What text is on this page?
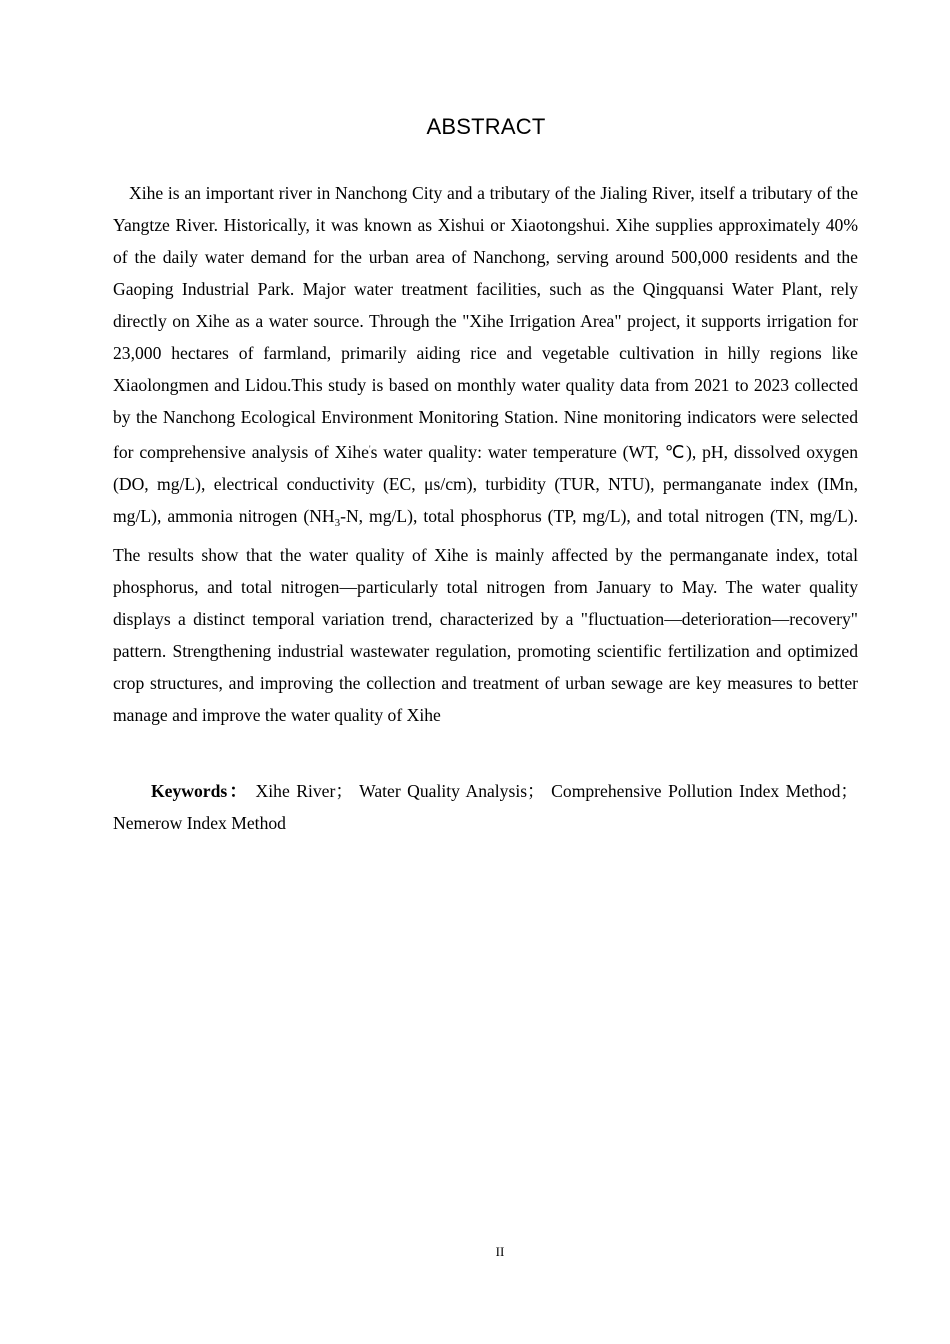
ABSTRACT

Xihe is an important river in Nanchong City and a tributary of the Jialing River, itself a tributary of the Yangtze River. Historically, it was known as Xishui or Xiaotongshui. Xihe supplies approximately 40% of the daily water demand for the urban area of Nanchong, serving around 500,000 residents and the Gaoping Industrial Park. Major water treatment facilities, such as the Qingquansi Water Plant, rely directly on Xihe as a water source. Through the "Xihe Irrigation Area" project, it supports irrigation for 23,000 hectares of farmland, primarily aiding rice and vegetable cultivation in hilly regions like Xiaolongmen and Lidou.This study is based on monthly water quality data from 2021 to 2023 collected by the Nanchong Ecological Environment Monitoring Station. Nine monitoring indicators were selected for comprehensive analysis of Xihe's water quality: water temperature (WT, ℃), pH, dissolved oxygen (DO, mg/L), electrical conductivity (EC, μs/cm), turbidity (TUR, NTU), permanganate index (IMn, mg/L), ammonia nitrogen ($NH_3-N$, mg/L), total phosphorus (TP, mg/L), and total nitrogen (TN, mg/L). The results show that the water quality of Xihe is mainly affected by the permanganate index, total phosphorus, and total nitrogen—particularly total nitrogen from January to May. The water quality displays a distinct temporal variation trend, characterized by a "fluctuation—deterioration—recovery" pattern. Strengthening industrial wastewater regulation, promoting scientific fertilization and optimized crop structures, and improving the collection and treatment of urban sewage are key measures to better manage and improve the water quality of Xihe

Keywords： Xihe River； Water Quality Analysis； Comprehensive Pollution Index Method；Nemerow Index Method

II
